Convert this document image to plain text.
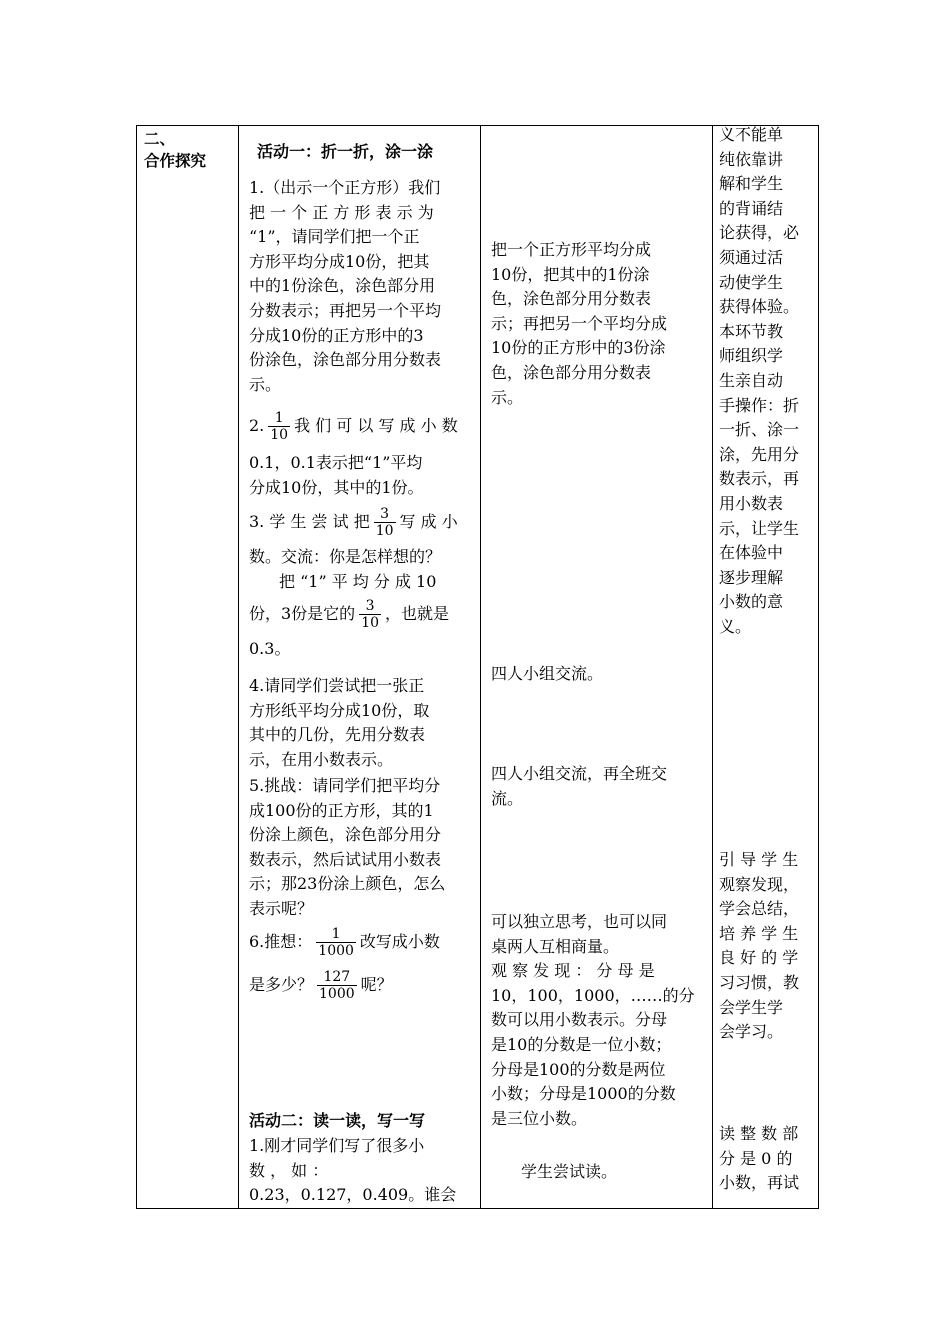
二、
合作探究	活动一：折一折，涂一涂
1.（出示一个正方形）我们
把 一 个 正 方 形 表 示 为
“1”，请同学们把一个正
方形平均分成10份，把其
中的1份涂色，涂色部分用
分数表示；再把另一个平均
分成10份的正方形中的3
份涂色，涂色部分用分数表
示。
2. $\frac{1}{10}$ 我 们 可 以 写 成 小 数
0.1，0.1表示把“1”平均
分成10份，其中的1份。
3. 学 生 尝 试 把 $\frac{3}{10}$ 写 成 小
数。交流：你是怎样想的？
把 “1” 平 均 分 成 10
份，3份是它的 $\frac{3}{10}$ ，也就是
0.3。
4.请同学们尝试把一张正
方形纸平均分成10份，取
其中的几份，先用分数表
示，在用小数表示。
5.挑战：请同学们把平均分
成100份的正方形，其的1
份涂上颜色，涂色部分用分
数表示，然后试试用小数表
示；那23份涂上颜色，怎么
表示呢？
6.推想： $\frac{1}{1000}$ 改写成小数
是多少？ $\frac{127}{1000}$ 呢？
活动二：读一读，写一写
1.刚才同学们写了很多小
数 ， 如 ：
0.23，0.127，0.409。谁会

把一个正方形平均分成
10份，把其中的1份涂
色，涂色部分用分数表
示；再把另一个平均分成
10份的正方形中的3份涂
色，涂色部分用分数表
示。
四人小组交流。
四人小组交流，再全班交
流。
可以独立思考，也可以同
桌两人互相商量。
观 察 发 现 ： 分 母 是
10，100，1000，……的分
数可以用小数表示。分母
是10的分数是一位小数；
分母是100的分数是两位
小数；分母是1000的分数
是三位小数。
学生尝试读。

义不能单
纯依靠讲
解和学生
的背诵结
论获得，必
须通过活
动使学生
获得体验。
本环节教
师组织学
生亲自动
手操作：折
一折、涂一
涂，先用分
数表示，再
用小数表
示，让学生
在体验中
逐步理解
小数的意
义。
引 导 学 生
观察发现，
学会总结，
培 养 学 生
良 好 的 学
习习惯，教
会学生学
会学习。
读 整 数 部
分 是 0 的
小数，再试
